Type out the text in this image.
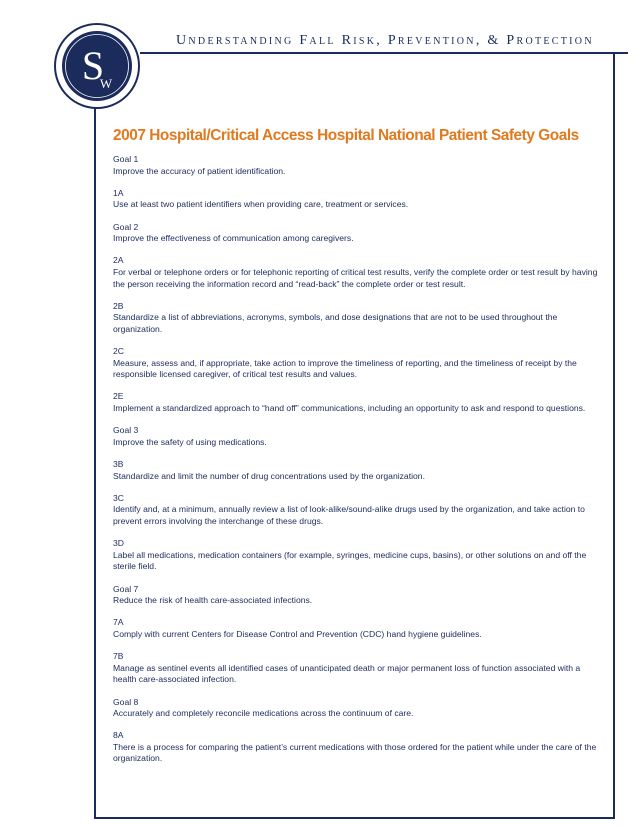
Understanding Fall Risk, Prevention, & Protection
S
W
2007 Hospital/Critical Access Hospital National Patient Safety Goals
Goal 1
Improve the accuracy of patient identification.
1A
Use at least two patient identifiers when providing care, treatment or services.
Goal 2
Improve the effectiveness of communication among caregivers.
2A
For verbal or telephone orders or for telephonic reporting of critical test results, verify the complete order or test result by having the person receiving the information record and “read-back” the complete order or test result.
2B
Standardize a list of abbreviations, acronyms, symbols, and dose designations that are not to be used throughout the organization.
2C
Measure, assess and, if appropriate, take action to improve the timeliness of reporting, and the timeliness of receipt by the responsible licensed caregiver, of critical test results and values.
2E
Implement a standardized approach to “hand off” communications, including an opportunity to ask and respond to questions.
Goal 3
Improve the safety of using medications.
3B
Standardize and limit the number of drug concentrations used by the organization.
3C
Identify and, at a minimum, annually review a list of look-alike/sound-alike drugs used by the organization, and take action to prevent errors involving the interchange of these drugs.
3D
Label all medications, medication containers (for example, syringes, medicine cups, basins), or other solutions on and off the sterile field.
Goal 7
Reduce the risk of health care-associated infections.
7A
Comply with current Centers for Disease Control and Prevention (CDC) hand hygiene guidelines.
7B
Manage as sentinel events all identified cases of unanticipated death or major permanent loss of function associated with a health care-associated infection.
Goal 8
Accurately and completely reconcile medications across the continuum of care.
8A
There is a process for comparing the patient’s current medications with those ordered for the patient while under the care of the organization.
